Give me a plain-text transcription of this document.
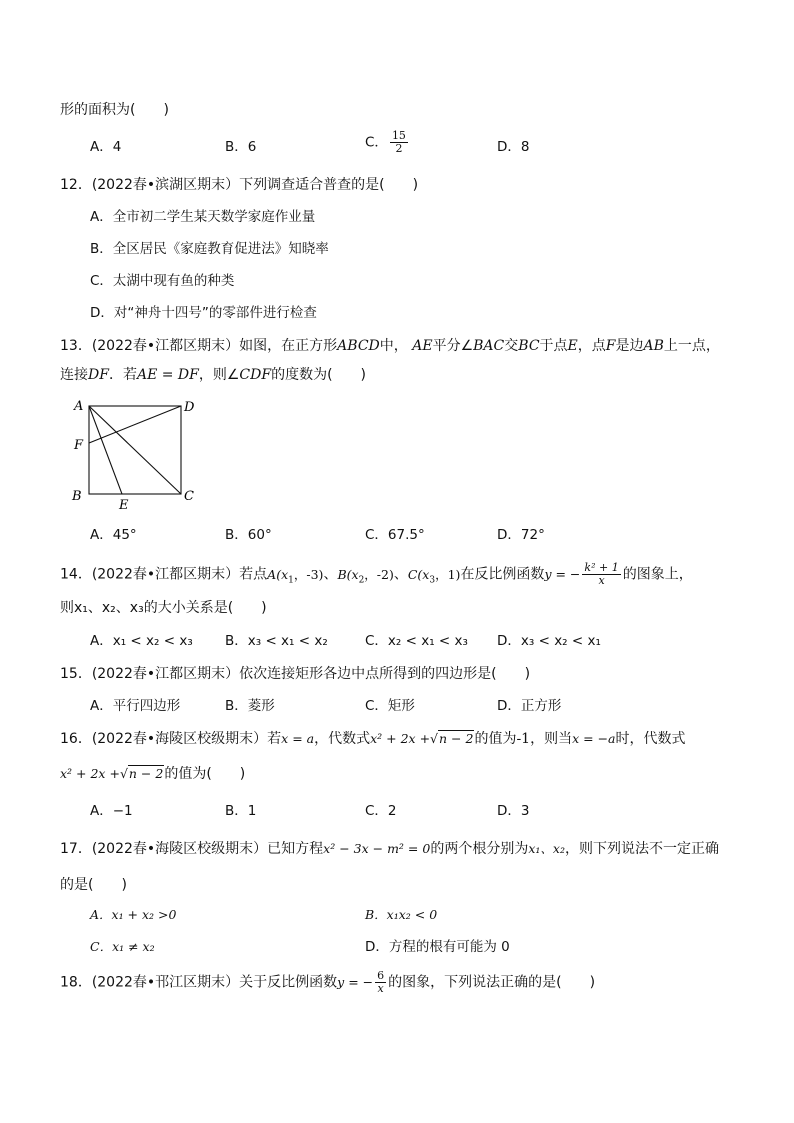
形的面积为(　　)
A．4	B．6	C． $\frac{15}{2}$	D．8
12．(2022春•滨湖区期末）下列调查适合普查的是(　　)
A．全市初二学生某天数学家庭作业量
B．全区居民《家庭教育促进法》知晓率
C．太湖中现有鱼的种类
D．对“神舟十四号”的零部件进行检查
13．(2022春•江都区期末）如图，在正方形ABCD中， AE平分∠BAC交BC于点E，点F是边AB上一点，
连接DF．若AE = DF，则∠CDF的度数为(　　)
A	D
F
B	C
E
A．45°	B．60°	C．67.5°	D．72°
14．(2022春•江都区期末）若点$A(x_1$，-3)、$B(x_2$，-2)、$C(x_3$，1)在反比例函数y = − $\frac{\text{k² + 1}}{x}$ 的图象上，
则x₁、x₂、x₃的大小关系是(　　)
A．x₁ < x₂ < x₃ B．x₃ < x₁ < x₂	C．x₂ < x₁ < x₃ D．x₃ < x₂ < x₁
15．(2022春•江都区期末）依次连接矩形各边中点所得到的四边形是(　　)
A．平行四边形	B．菱形	C．矩形	D．正方形
16．(2022春•海陵区校级期末）若x = a，代数式x² + 2x +√n − 2的值为-1，则当x = −a时，代数式
x² + 2x +√n − 2的值为(　　)
A．−1	B．1	C．2	D．3
17．(2022春•海陵区校级期末）已知方程x² − 3x − m² = 0的两个根分别为x₁、x₂，则下列说法不一定正确
的是(　　)
A．x₁ + x₂ >0	B．x₁x₂ < 0
C．x₁ ≠ x₂	D．方程的根有可能为 0
18．(2022春•邗江区期末）关于反比例函数y = − $\frac{6}{x}$ 的图象，下列说法正确的是(　　)
